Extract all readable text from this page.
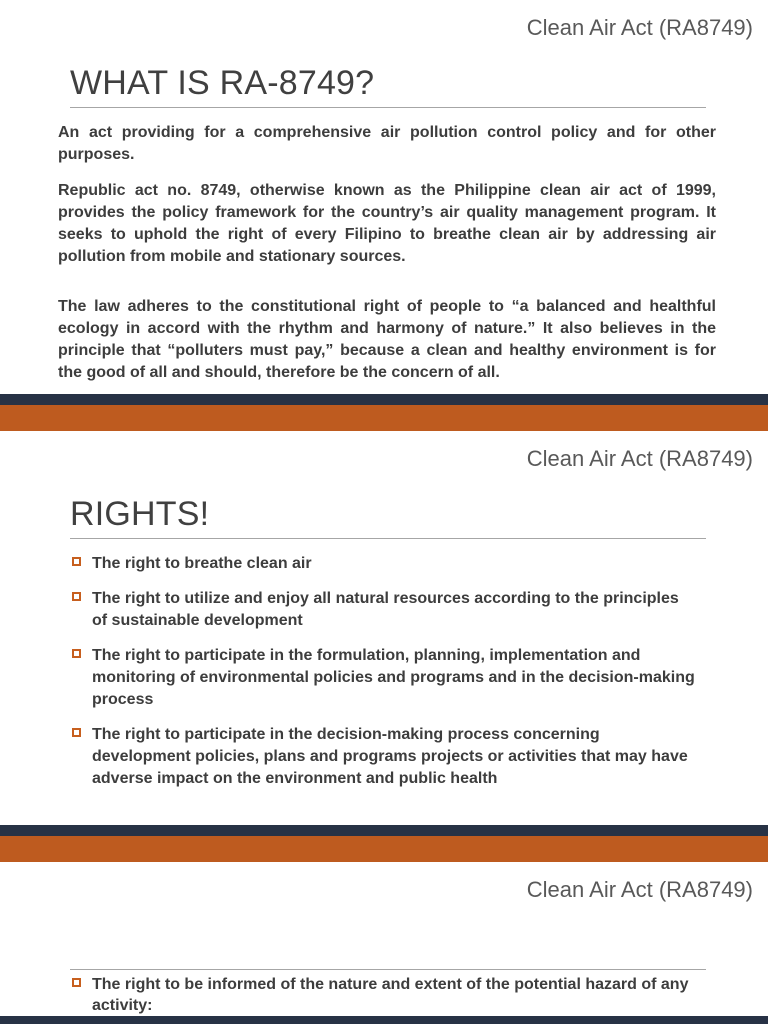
Clean Air Act (RA8749)
WHAT IS RA-8749?

An act providing for a comprehensive air pollution control policy and for other purposes.

Republic act no. 8749, otherwise known as the Philippine clean air act of 1999, provides the policy framework for the country’s air quality management program. It seeks to uphold the right of every Filipino to breathe clean air by addressing air pollution from mobile and stationary sources.

The law adheres to the constitutional right of people to “a balanced and healthful ecology in accord with the rhythm and harmony of nature.” It also believes in the principle that “polluters must pay,” because a clean and healthy environment is for the good of all and should, therefore be the concern of all.

Clean Air Act (RA8749)
RIGHTS!
The right to breathe clean air
The right to utilize and enjoy all natural resources according to the principles of sustainable development
The right to participate in the formulation, planning, implementation and monitoring of environmental policies and programs and in the decision-making process
The right to participate in the decision-making process concerning development policies, plans and programs projects or activities that may have adverse impact on the environment and public health
Clean Air Act (RA8749)
The right to be informed of the nature and extent of the potential hazard of any activity:
